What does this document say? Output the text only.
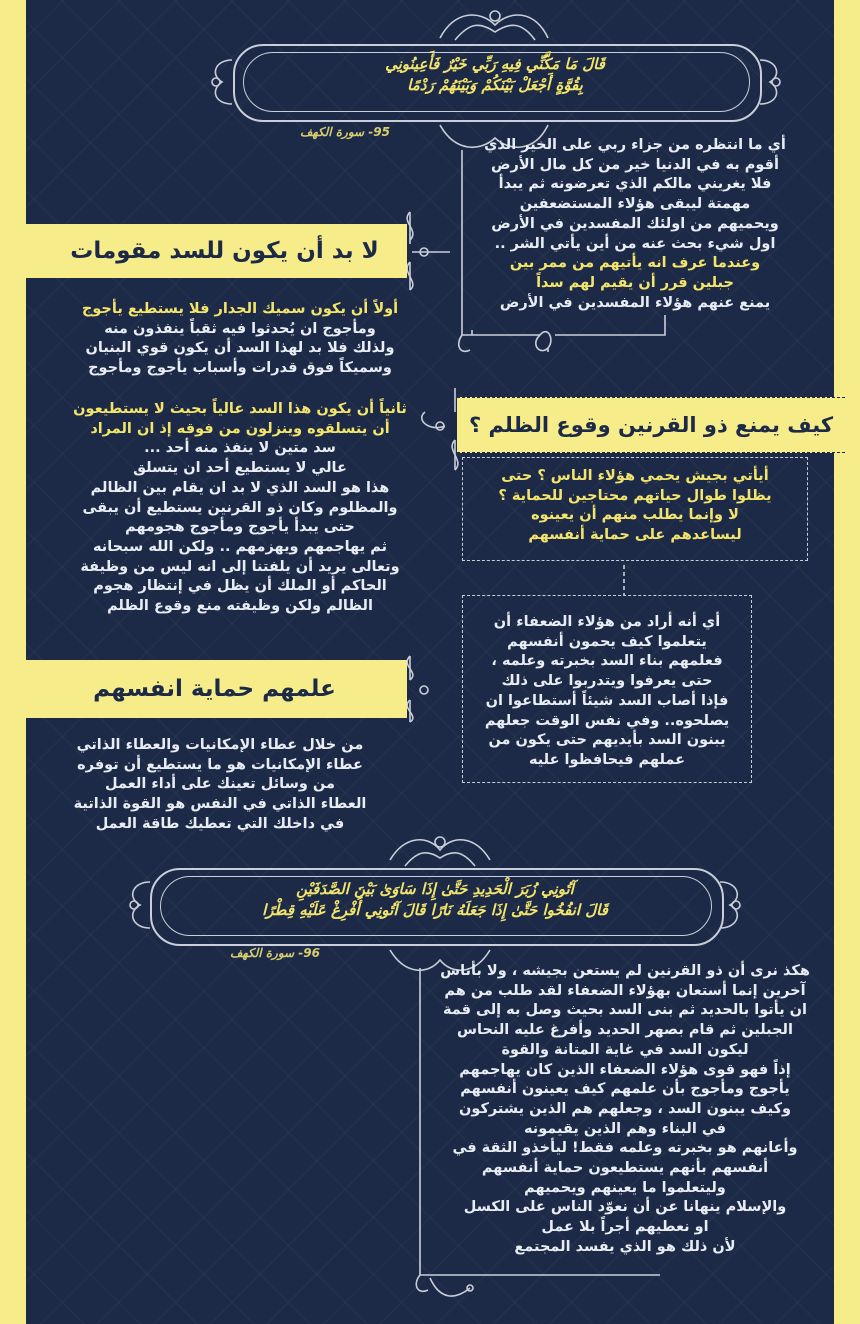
قَالَ مَا مَكَّنِّي فِيهِ رَبِّي خَيْرٌ فَأَعِينُونِي
بِقُوَّةٍ أَجْعَلْ بَيْنَكُمْ وَبَيْنَهُمْ رَدْمًا
95- سورة الكهف
أي ما انتظره من جزاء ربي على الخير الذي
أقوم به في الدنيا خير من كل مال الأرض
فلا يغريني مالكم الذي تعرضونه ثم يبدأ
مهمتة ليبقى هؤلاء المستضعفين
ويحميهم من اولئك المفسدين في الأرض
اول شيء بحث عنه من أين يأتي الشر ..
وعندما عرف انه يأتيهم من ممر بين
جبلين قرر أن يقيم لهم سداً
يمنع عنهم هؤلاء المفسدين في الأرض
لا بد أن يكون للسد مقومات
أولاً أن يكون سميك الجدار فلا يستطيع يأجوج
ومأجوج ان يُحدثوا فيه ثقباً ينفذون منه
ولذلك فلا بد لهذا السد أن يكون قوي البنيان
وسميكاً فوق قدرات وأسباب يأجوج ومأجوج
كيف يمنع ذو القرنين وقوع الظلم ؟
ثانياً أن يكون هذا السد عالياً بحيث لا يستطيعون
أن يتسلقوه وينزلون من فوقه إذ ان المراد
سد متين لا ينفذ منه أحد ...
عالي لا يستطيع أحد ان يتسلق
هذا هو السد الذي لا بد ان يقام بين الظالم
والمظلوم وكان ذو القرنين يستطيع أن يبقى
حتى يبدأ يأجوج ومأجوج هجومهم
ثم يهاجمهم ويهزمهم .. ولكن الله سبحانه
وتعالى يريد أن يلفتنا إلى انه ليس من وظيفة
الحاكم أو الملك أن يظل في إنتظار هجوم
الظالم ولكن وظيفته منع وقوع الظلم
أيأتي بجيش يحمي هؤلاء الناس ؟ حتى
يظلوا طوال حياتهم محتاجين للحماية ؟
لا وإنما يطلب منهم أن يعينوه
ليساعدهم على حماية أنفسهم
أي أنه أراد من هؤلاء الضعفاء أن
يتعلموا كيف يحمون أنفسهم
فعلمهم بناء السد بخبرته وعلمه ،
حتى يعرفوا ويتدربوا على ذلك
فإذا أصاب السد شيئاً أستطاعوا ان
يصلحوه.. وفي نفس الوقت جعلهم
يبنون السد بأيديهم حتى يكون من
عملهم فيحافظوا عليه
علمهم حماية انفسهم
من خلال عطاء الإمكانيات والعطاء الذاتي
عطاء الإمكانيات هو ما يستطيع أن توفره
من وسائل تعينك على أداء العمل
العطاء الذاتي في النفس هو القوة الذاتية
في داخلك التي تعطيك طاقة العمل
آتُونِي زُبَرَ الْحَدِيدِ حَتَّىٰ إِذَا سَاوَىٰ بَيْنَ الصَّدَفَيْنِ
قَالَ انفُخُوا حَتَّىٰ إِذَا جَعَلَهُ نَارًا قَالَ آتُونِي أُفْرِغْ عَلَيْهِ قِطْرًا
96- سورة الكهف
هكذ نرى أن ذو القرنين لم يستعن بجيشه ، ولا بأناس
آخرين إنما أستعان بهؤلاء الضعفاء لقد طلب من هم
ان يأتوا بالحديد ثم بنى السد بحيث وصل به إلى قمة
الجبلين ثم قام بصهر الحديد وأفرغ عليه النحاس
ليكون السد في غاية المتانة والقوة
إذاً فهو قوى هؤلاء الضعفاء الذين كان يهاجمهم
يأجوج ومأجوج بأن علمهم كيف يعينون أنفسهم
وكيف يبنون السد ، وجعلهم هم الذين يشتركون
في البناء وهم الذين يقيمونه
وأعانهم هو بخبرته وعلمه فقط! ليأخذو الثقة في
أنفسهم بأنهم يستطيعون حماية أنفسهم
وليتعلموا ما يعينهم ويحميهم
والإسلام ينهانا عن أن نعوّد الناس على الكسل
او نعطيهم أجراً بلا عمل
لأن ذلك هو الذي يفسد المجتمع
